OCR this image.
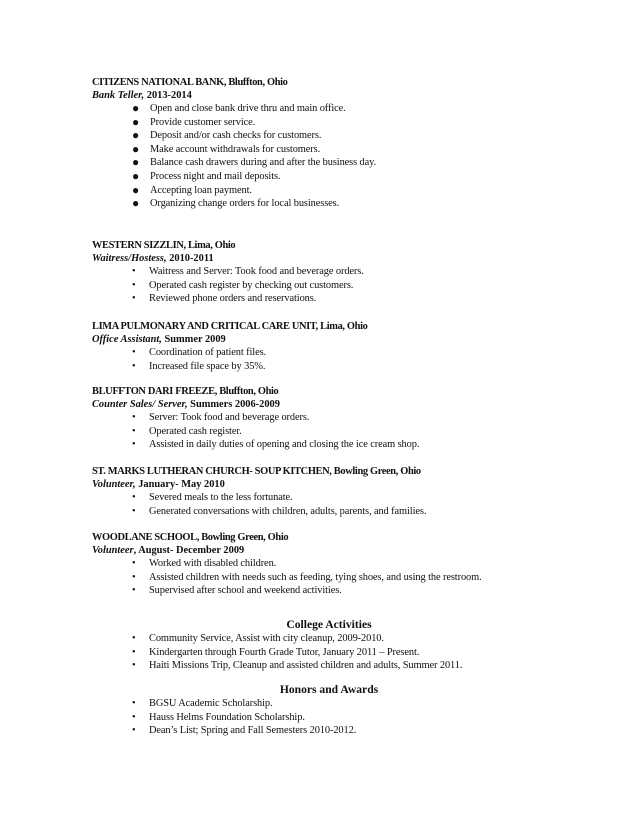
CITIZENS NATIONAL BANK, Bluffton, Ohio
Bank Teller, 2013-2014
● Open and close bank drive thru and main office.
● Provide customer service.
● Deposit and/or cash checks for customers.
● Make account withdrawals for customers.
● Balance cash drawers during and after the business day.
● Process night and mail deposits.
● Accepting loan payment.
● Organizing change orders for local businesses.
WESTERN SIZZLIN, Lima, Ohio
Waitress/Hostess, 2010-2011
• Waitress and Server: Took food and beverage orders.
• Operated cash register by checking out customers.
• Reviewed phone orders and reservations.
LIMA PULMONARY AND CRITICAL CARE UNIT, Lima, Ohio
Office Assistant, Summer 2009
• Coordination of patient files.
• Increased file space by 35%.
BLUFFTON DARI FREEZE, Bluffton, Ohio
Counter Sales/ Server, Summers 2006-2009
• Server: Took food and beverage orders.
• Operated cash register.
• Assisted in daily duties of opening and closing the ice cream shop.
ST. MARKS LUTHERAN CHURCH- SOUP KITCHEN, Bowling Green, Ohio
Volunteer, January- May 2010
• Severed meals to the less fortunate.
• Generated conversations with children, adults, parents, and families.
WOODLANE SCHOOL, Bowling Green, Ohio
Volunteer, August- December 2009
• Worked with disabled children.
• Assisted children with needs such as feeding, tying shoes, and using the restroom.
• Supervised after school and weekend activities.
College Activities
• Community Service, Assist with city cleanup, 2009-2010.
• Kindergarten through Fourth Grade Tutor, January 2011 – Present.
• Haiti Missions Trip, Cleanup and assisted children and adults, Summer 2011.
Honors and Awards
• BGSU Academic Scholarship.
• Hauss Helms Foundation Scholarship.
• Dean’s List; Spring and Fall Semesters 2010-2012.
